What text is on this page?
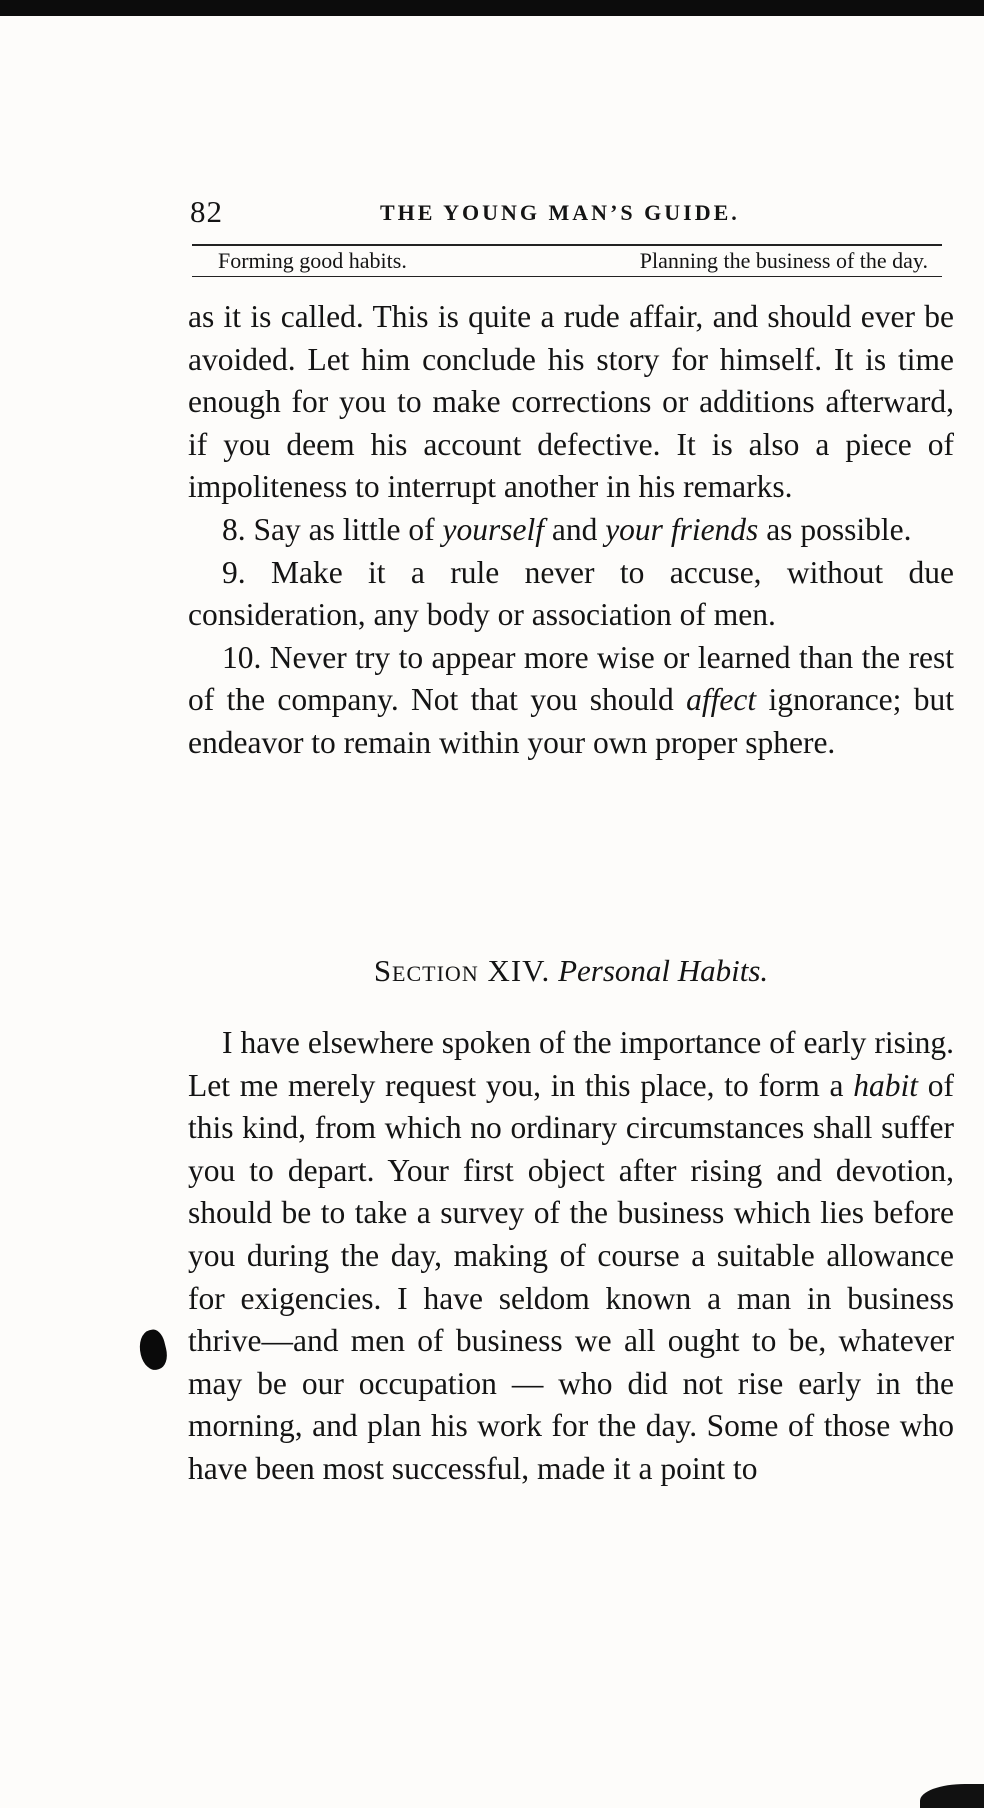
82	THE YOUNG MAN’S GUIDE.
Forming good habits.	Planning the business of the day.

as it is called. This is quite a rude affair, and should ever be avoided. Let him conclude his story for himself. It is time enough for you to make corrections or additions afterward, if you deem his account defective. It is also a piece of impoliteness to interrupt another in his remarks.

8. Say as little of yourself and your friends as possible.

9. Make it a rule never to accuse, without due consideration, any body or association of men.

10. Never try to appear more wise or learned than the rest of the company. Not that you should affect ignorance; but endeavor to remain within your own proper sphere.

Section XIV. Personal Habits.

I have elsewhere spoken of the importance of early rising. Let me merely request you, in this place, to form a habit of this kind, from which no ordinary circumstances shall suffer you to depart. Your first object after rising and devotion, should be to take a survey of the business which lies before you during the day, making of course a suitable allowance for exigencies. I have seldom known a man in business thrive—and men of business we all ought to be, whatever may be our occupation — who did not rise early in the morning, and plan his work for the day. Some of those who have been most successful, made it a point to
